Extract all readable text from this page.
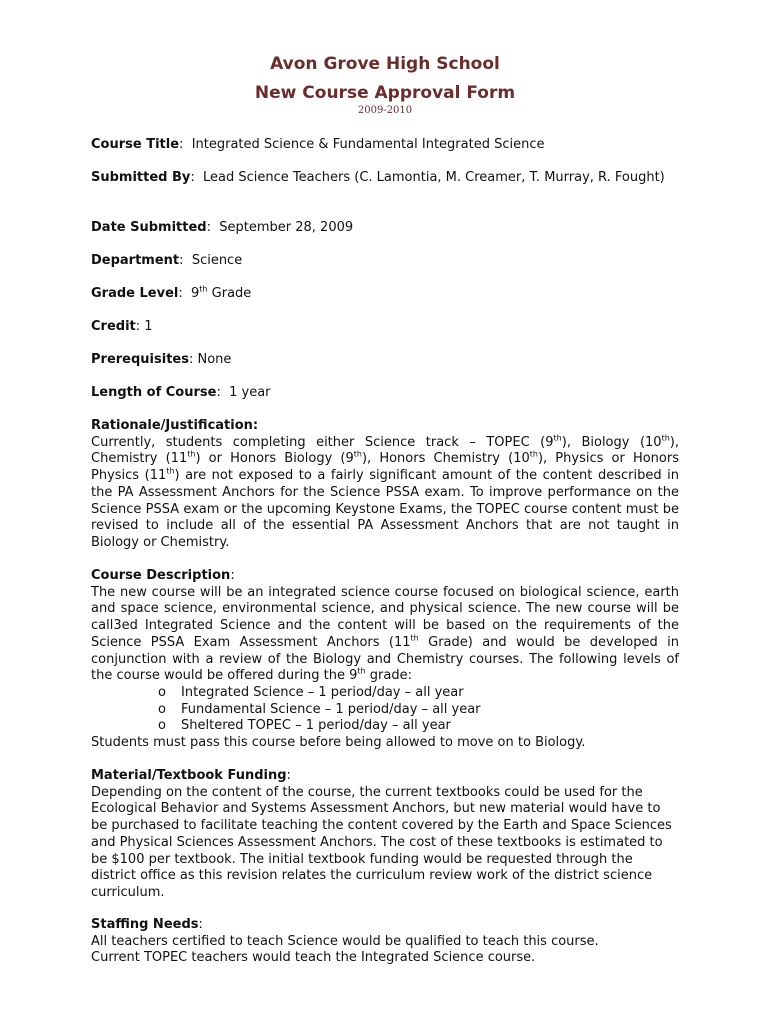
Avon Grove High School
New Course Approval Form
2009-2010
Course Title:  Integrated Science & Fundamental Integrated Science
Submitted By:  Lead Science Teachers (C. Lamontia, M. Creamer, T. Murray, R. Fought)
Date Submitted:  September 28, 2009
Department:  Science
Grade Level:  9th Grade
Credit: 1
Prerequisites: None
Length of Course:  1 year
Rationale/Justification:
Currently, students completing either Science track – TOPEC (9th), Biology (10th), Chemistry (11th) or Honors Biology (9th), Honors Chemistry (10th), Physics or Honors Physics (11th) are not exposed to a fairly significant amount of the content described in the PA Assessment Anchors for the Science PSSA exam. To improve performance on the Science PSSA exam or the upcoming Keystone Exams, the TOPEC course content must be revised to include all of the essential PA Assessment Anchors that are not taught in Biology or Chemistry.
Course Description:
The new course will be an integrated science course focused on biological science, earth and space science, environmental science, and physical science. The new course will be call3ed Integrated Science and the content will be based on the requirements of the Science PSSA Exam Assessment Anchors (11th Grade) and would be developed in conjunction with a review of the Biology and Chemistry courses. The following levels of the course would be offered during the 9th grade:
o Integrated Science – 1 period/day – all year
o Fundamental Science – 1 period/day – all year
o Sheltered TOPEC – 1 period/day – all year
Students must pass this course before being allowed to move on to Biology.
Material/Textbook Funding:
Depending on the content of the course, the current textbooks could be used for the Ecological Behavior and Systems Assessment Anchors, but new material would have to be purchased to facilitate teaching the content covered by the Earth and Space Sciences and Physical Sciences Assessment Anchors. The cost of these textbooks is estimated to be $100 per textbook. The initial textbook funding would be requested through the district office as this revision relates the curriculum review work of the district science curriculum.
Staffing Needs:
All teachers certified to teach Science would be qualified to teach this course.
Current TOPEC teachers would teach the Integrated Science course.
